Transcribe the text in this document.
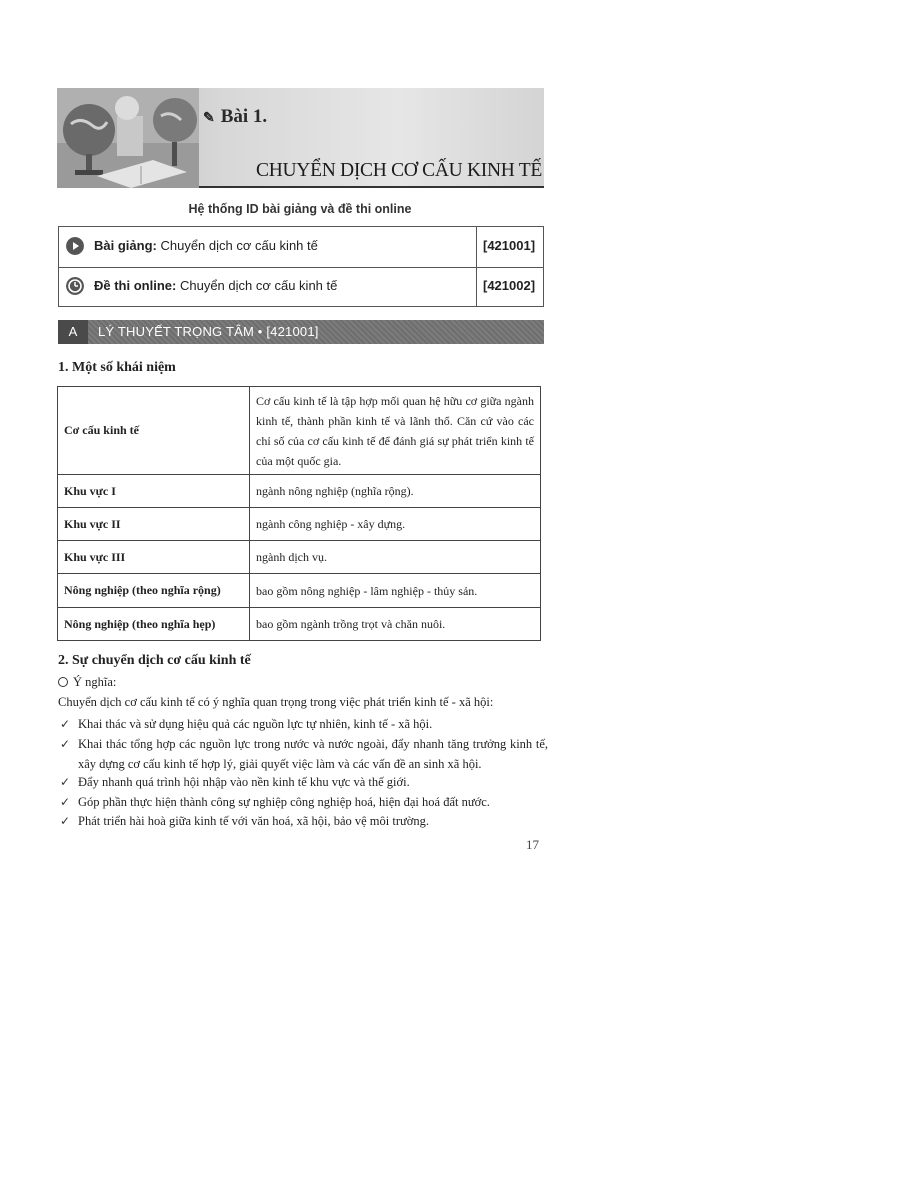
✎ Bài 1.
CHUYỂN DỊCH CƠ CẤU KINH TẾ
Hệ thống ID bài giảng và đề thi online
Bài giảng: Chuyển dịch cơ cấu kinh tế	[421001]
Đề thi online: Chuyển dịch cơ cấu kinh tế	[421002]
A	LÝ THUYẾT TRỌNG TÂM • [421001]
1. Một số khái niệm
Cơ cấu kinh tế	Cơ cấu kinh tế là tập hợp mối quan hệ hữu cơ giữa ngành kinh tế, thành phần kinh tế và lãnh thổ. Căn cứ vào các chỉ số của cơ cấu kinh tế để đánh giá sự phát triển kinh tế của một quốc gia.
Khu vực I	ngành nông nghiệp (nghĩa rộng).
Khu vực II	ngành công nghiệp - xây dựng.
Khu vực III	ngành dịch vụ.
Nông nghiệp (theo nghĩa rộng)	bao gồm nông nghiệp - lâm nghiệp - thủy sản.
Nông nghiệp (theo nghĩa hẹp)	bao gồm ngành trồng trọt và chăn nuôi.
2. Sự chuyển dịch cơ cấu kinh tế
Ý nghĩa:
Chuyển dịch cơ cấu kinh tế có ý nghĩa quan trọng trong việc phát triển kinh tế - xã hội:
✓ Khai thác và sử dụng hiệu quả các nguồn lực tự nhiên, kinh tế - xã hội.
✓ Khai thác tổng hợp các nguồn lực trong nước và nước ngoài, đẩy nhanh tăng trưởng kinh tế, xây dựng cơ cấu kinh tế hợp lý, giải quyết việc làm và các vấn đề an sinh xã hội.
✓ Đẩy nhanh quá trình hội nhập vào nền kinh tế khu vực và thế giới.
✓ Góp phần thực hiện thành công sự nghiệp công nghiệp hoá, hiện đại hoá đất nước.
✓ Phát triển hài hoà giữa kinh tế với văn hoá, xã hội, bảo vệ môi trường.
17
